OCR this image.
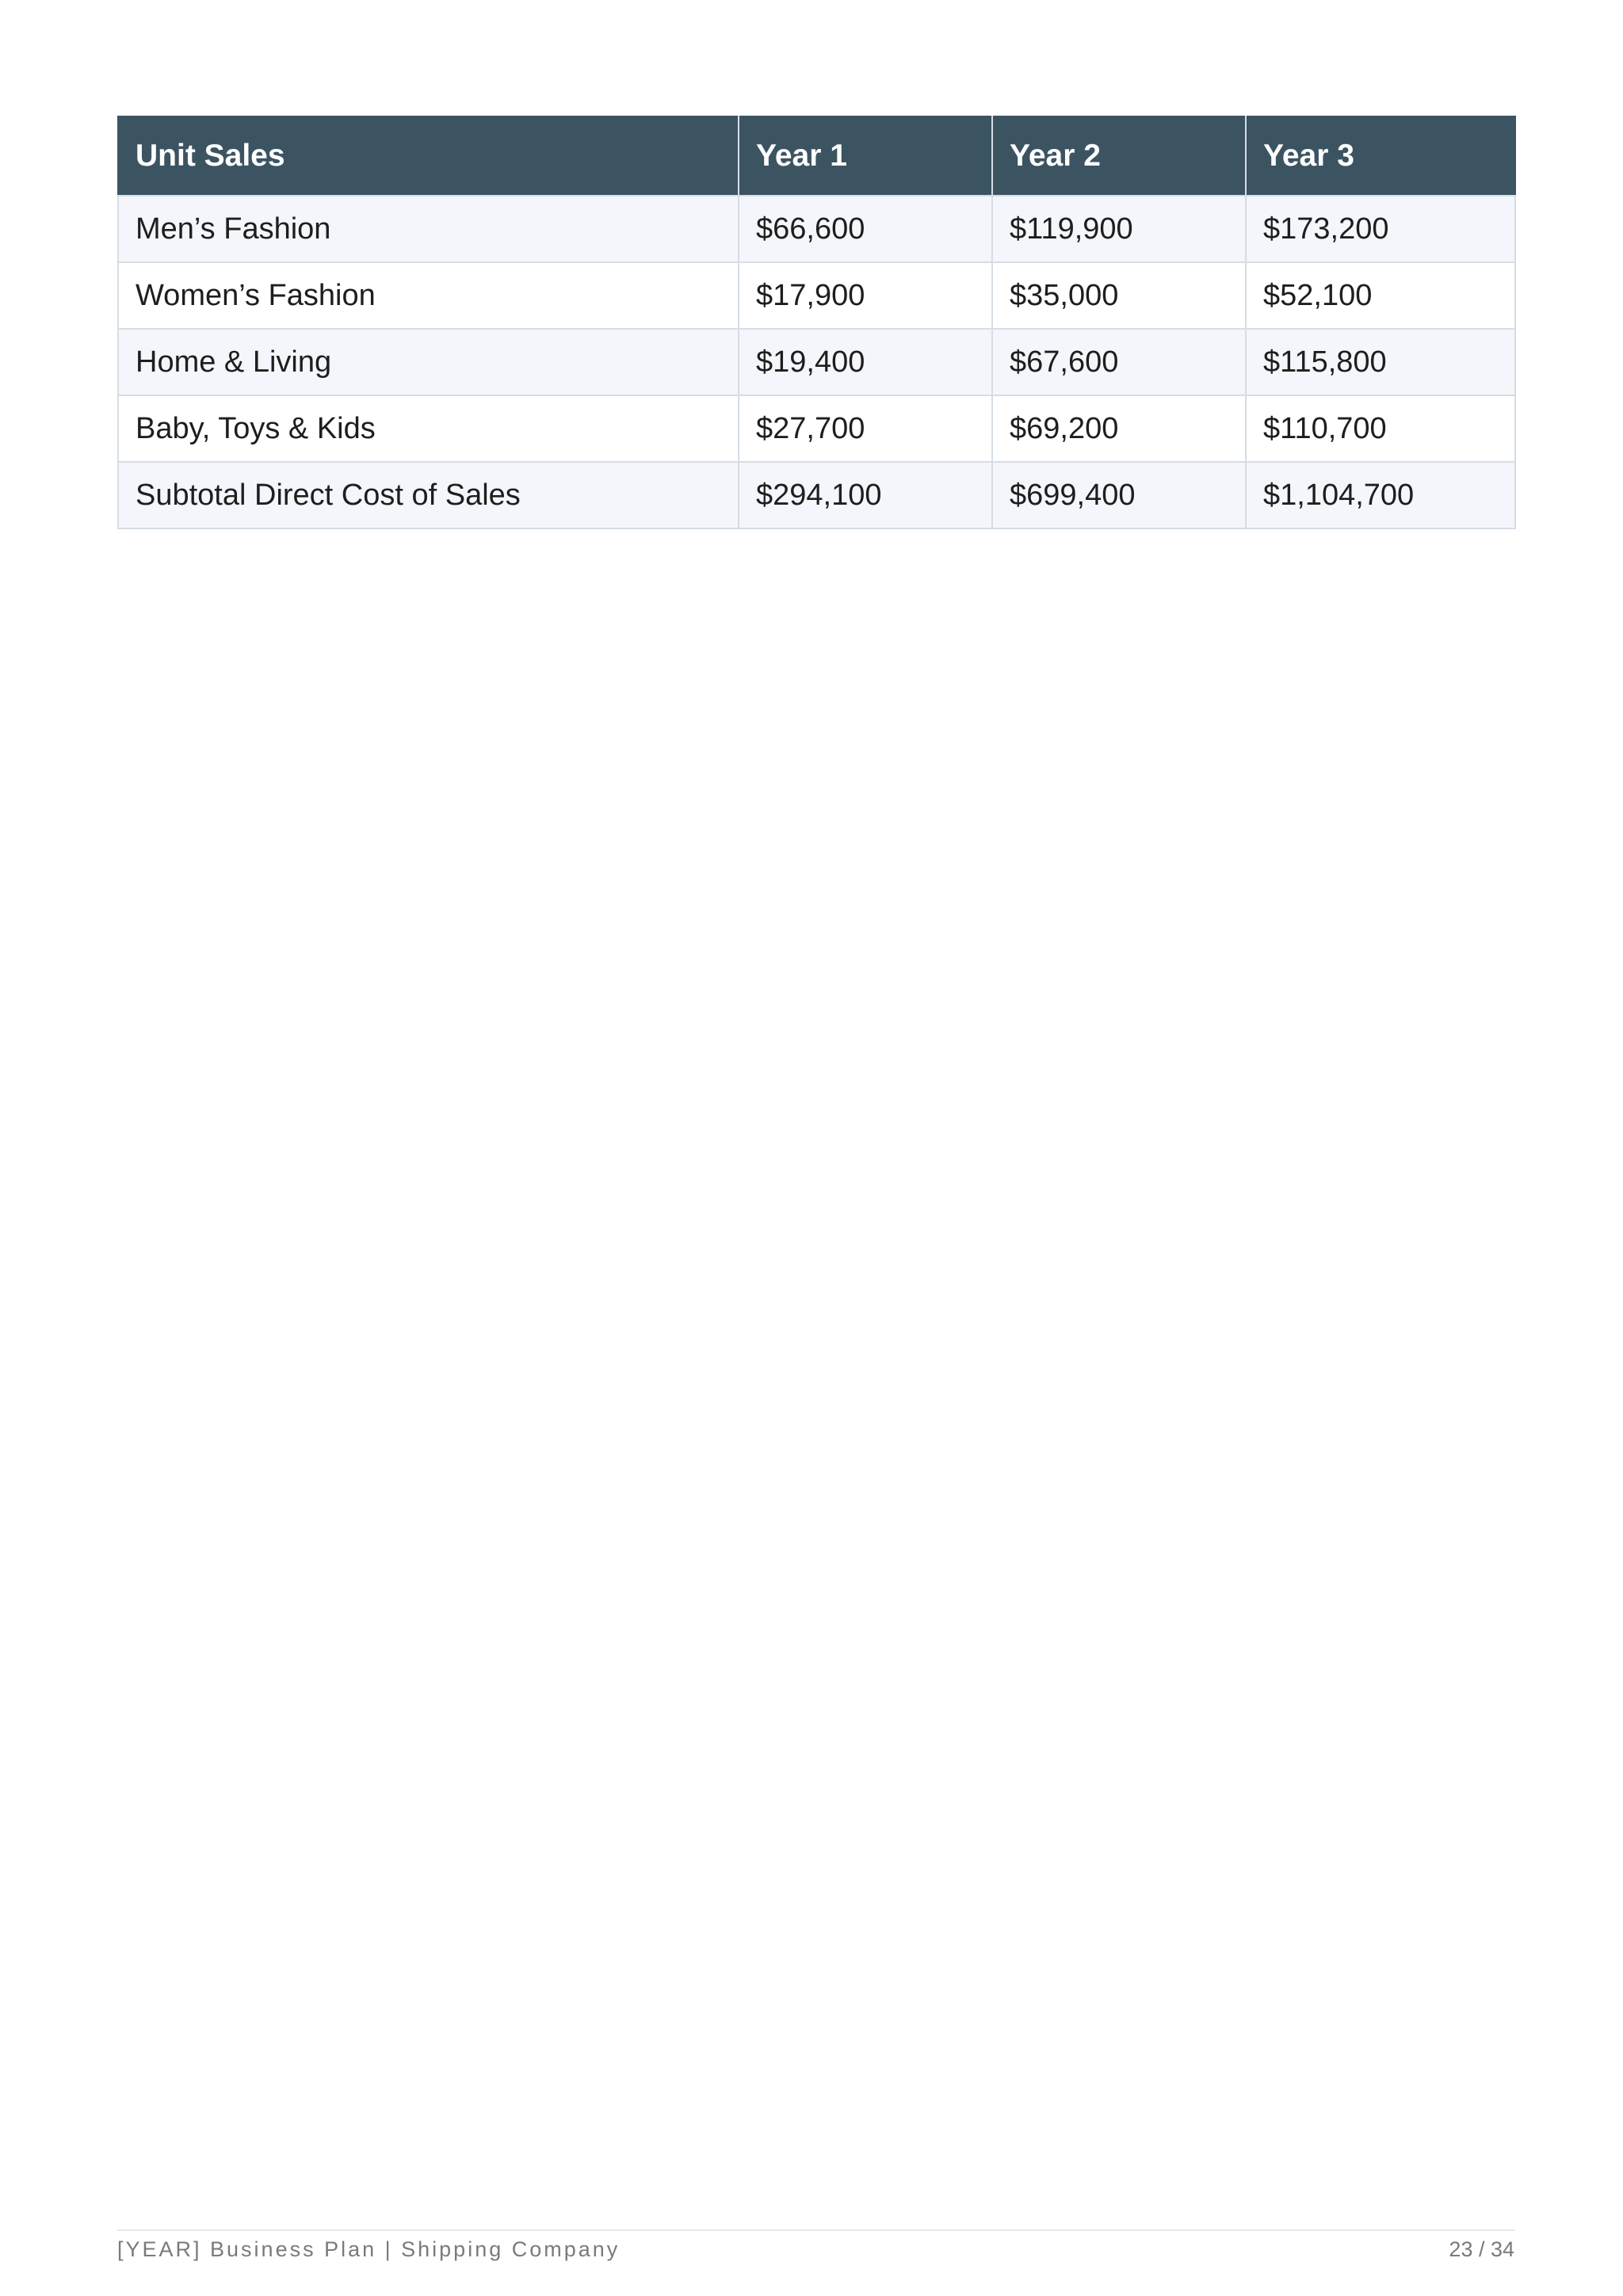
Unit Sales	Year 1	Year 2	Year 3
Men’s Fashion	$66,600	$119,900	$173,200
Women’s Fashion	$17,900	$35,000	$52,100
Home & Living	$19,400	$67,600	$115,800
Baby, Toys & Kids	$27,700	$69,200	$110,700
Subtotal Direct Cost of Sales	$294,100	$699,400	$1,104,700
[YEAR] Business Plan | Shipping Company	23 / 34
